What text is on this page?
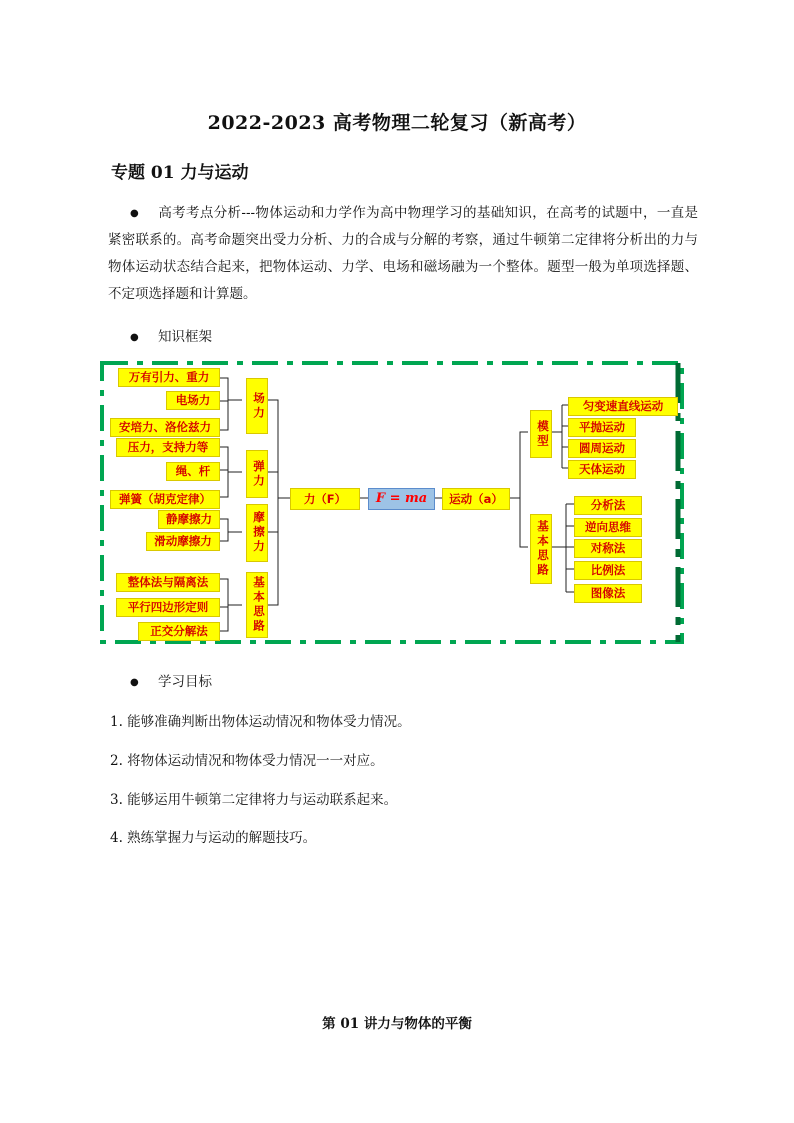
2022-2023 高考物理二轮复习（新高考）
专题 01 力与运动
● 高考考点分析---物体运动和力学作为高中物理学习的基础知识，在高考的试题中，一直是紧密联系的。高考命题突出受力分析、力的合成与分解的考察，通过牛顿第二定律将分析出的力与物体运动状态结合起来，把物体运动、力学、电场和磁场融为一个整体。题型一般为单项选择题、不定项选择题和计算题。
● 知识框架
万有引力、重力
电场力
安培力、洛伦兹力
场力
压力，支持力等
绳、杆
弹簧（胡克定律）
弹力
静摩擦力
滑动摩擦力	摩擦力
整体法与隔离法
平行四边形定则
正交分解法	基本思路
力（F）	F = ma	运动（a）
模型
匀变速直线运动
平抛运动
圆周运动
天体运动
基本思路
分析法
逆向思维
对称法
比例法
图像法
● 学习目标
1. 能够准确判断出物体运动情况和物体受力情况。
2. 将物体运动情况和物体受力情况一一对应。
3. 能够运用牛顿第二定律将力与运动联系起来。
4. 熟练掌握力与运动的解题技巧。
第 01 讲力与物体的平衡
